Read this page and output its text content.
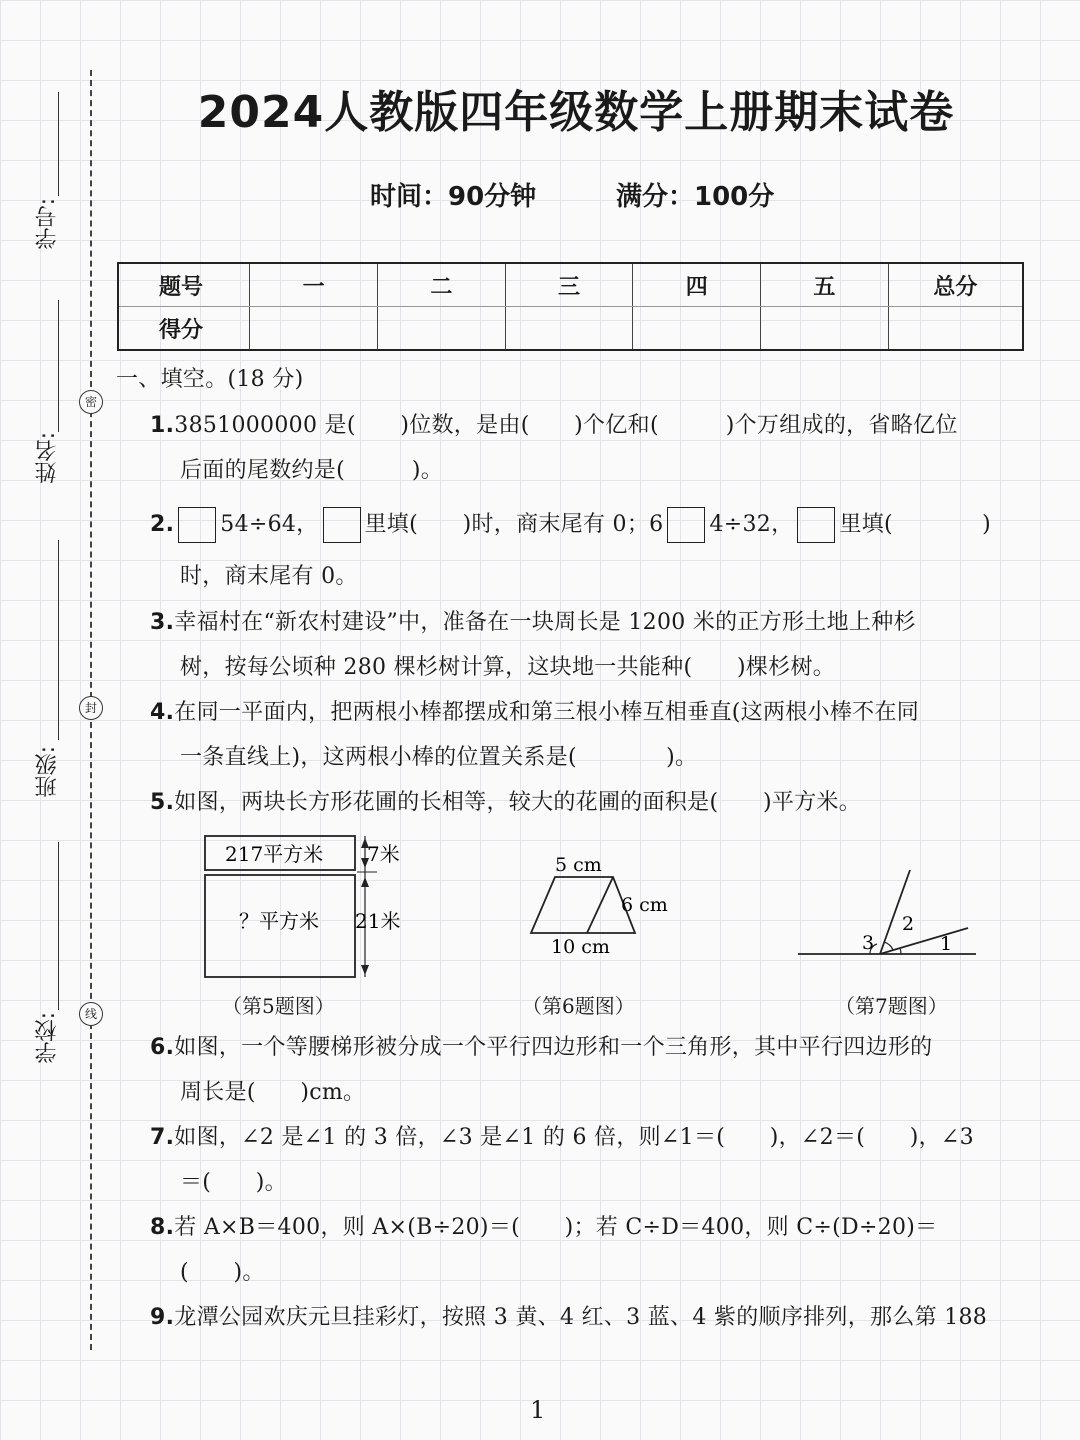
学号:
姓名:
班级:
学校:
密
封
线
2024人教版四年级数学上册期末试卷
时间：90分钟	满分：100分
题号	一	二	三	四	五	总分
得分						
一、填空。(18 分)
1.3851000000 是(　　)位数，是由(　　)个亿和(　　　)个万组成的，省略亿位
后面的尾数约是(　　　)。
2. 54÷64， 里填(　　)时，商末尾有 0；6 4÷32， 里填(　　　　)
时，商末尾有 0。
3.幸福村在“新农村建设”中，准备在一块周长是 1200 米的正方形土地上种杉
树，按每公顷种 280 棵杉树计算，这块地一共能种(　　)棵杉树。
4.在同一平面内，把两根小棒都摆成和第三根小棒互相垂直(这两根小棒不在同
一条直线上)，这两根小棒的位置关系是(　　　　)。
5.如图，两块长方形花圃的长相等，较大的花圃的面积是(　　)平方米。
217平方米 7米
？平方米 21米
（第5题图）
5 cm
6 cm
10 cm
（第6题图）
1
2
3
（第7题图）
6.如图，一个等腰梯形被分成一个平行四边形和一个三角形，其中平行四边形的
周长是(　　)cm。
7.如图，∠2 是∠1 的 3 倍，∠3 是∠1 的 6 倍，则∠1＝(　　)，∠2＝(　　)，∠3
＝(　　)。
8.若 A×B＝400，则 A×(B÷20)＝(　　)；若 C÷D＝400，则 C÷(D÷20)＝
(　　)。
9.龙潭公园欢庆元旦挂彩灯，按照 3 黄、4 红、3 蓝、4 紫的顺序排列，那么第 188
1
